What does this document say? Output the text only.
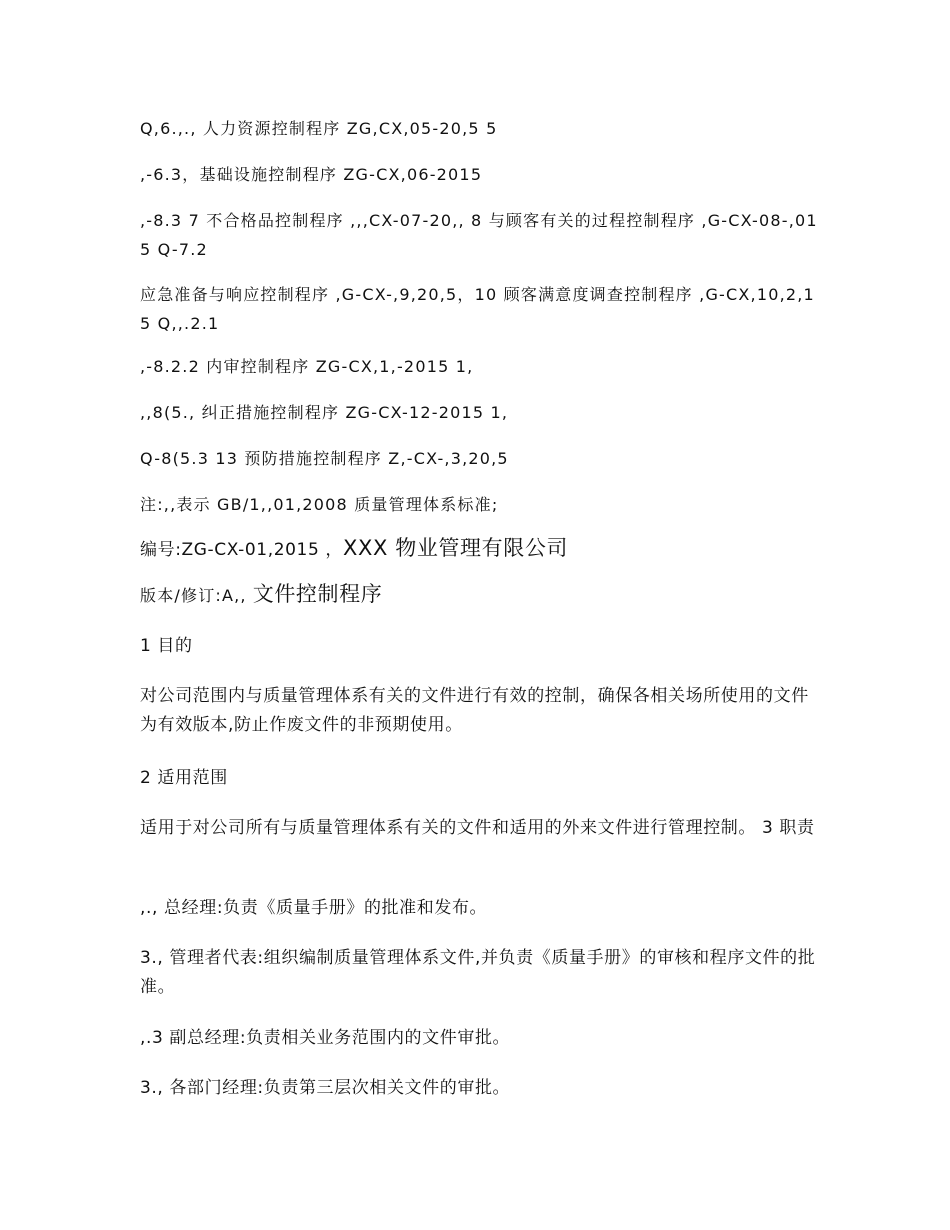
Q,6.,., 人力资源控制程序 ZG,CX,05-20,5 5
,-6.3，基础设施控制程序 ZG-CX,06-2015
,-8.3 7 不合格品控制程序 ,,,CX-07-20,, 8 与顾客有关的过程控制程序 ,G-CX-08-,015 Q-7.2
应急准备与响应控制程序 ,G-CX-,9,20,5，10 顾客满意度调查控制程序 ,G-CX,10,2,15 Q,,.2.1
,-8.2.2 内审控制程序 ZG-CX,1,-2015 1,
,,8(5., 纠正措施控制程序 ZG-CX-12-2015 1,
Q-8(5.3 13 预防措施控制程序 Z,-CX-,3,20,5
注:,,表示 GB/1,,01,2008 质量管理体系标准;
编号:ZG-CX-01,2015 ，XXX 物业管理有限公司
版本/修订:A,, 文件控制程序
1 目的
对公司范围内与质量管理体系有关的文件进行有效的控制，确保各相关场所使用的文件为有效版本,防止作废文件的非预期使用。
2 适用范围
适用于对公司所有与质量管理体系有关的文件和适用的外来文件进行管理控制。 3 职责
,., 总经理:负责《质量手册》的批准和发布。
3., 管理者代表:组织编制质量管理体系文件,并负责《质量手册》的审核和程序文件的批准。
,.3 副总经理:负责相关业务范围内的文件审批。
3., 各部门经理:负责第三层次相关文件的审批。
